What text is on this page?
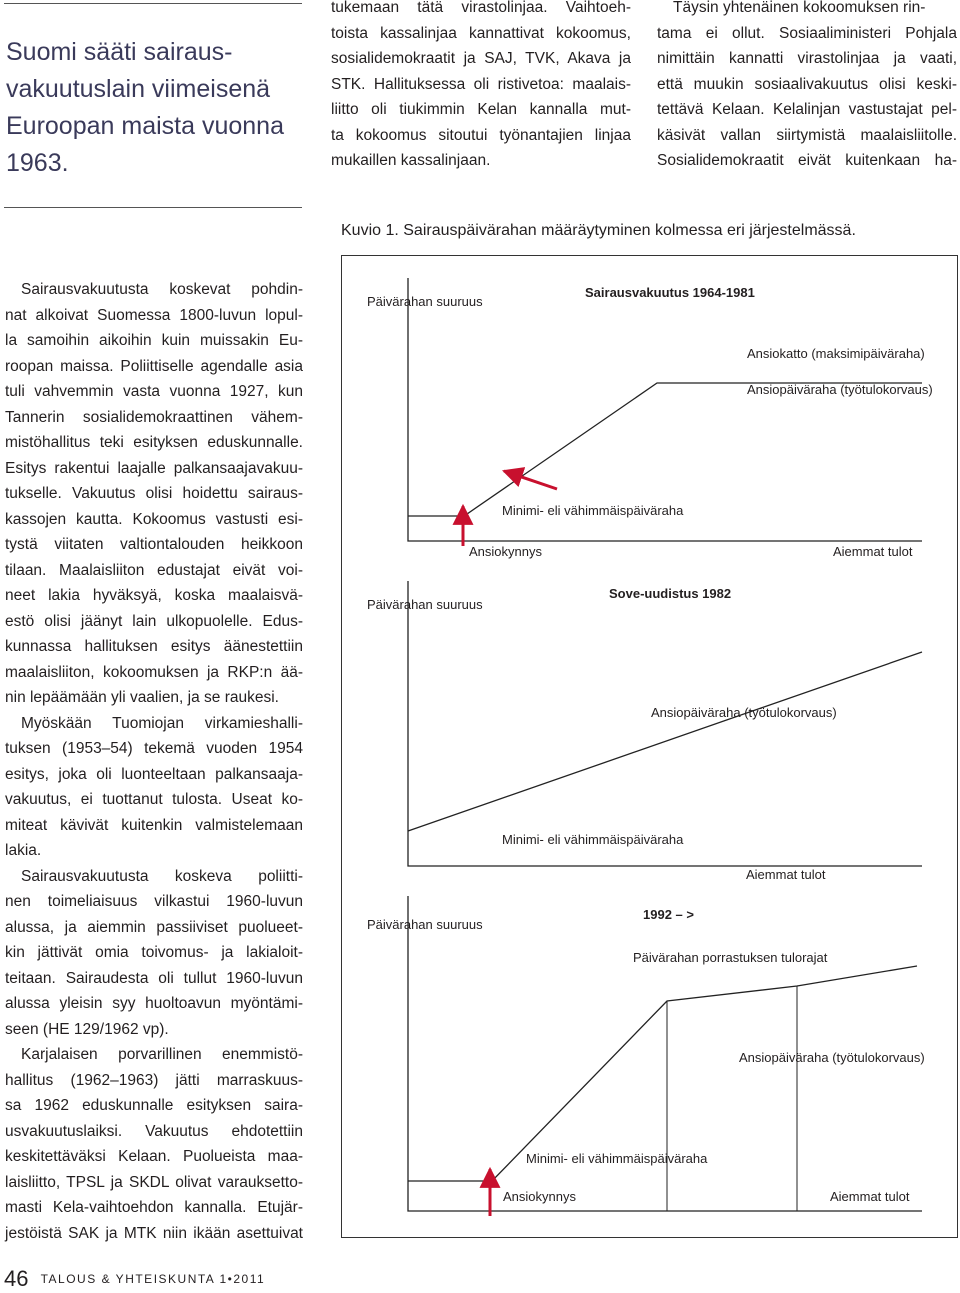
Suomi sääti sairaus-
vakuutuslain viimeisenä
Euroopan maista vuonna
1963.
tukemaan tätä virastolinjaa. Vaihtoeh-
toista kassalinjaa kannattivat kokoomus,
sosialidemokraatit ja SAJ, TVK, Akava ja
STK. Hallituksessa oli ristivetoa: maalais-
liitto oli tiukimmin Kelan kannalla mut-
ta kokoomus sitoutui työnantajien linjaa
mukaillen kassalinjaan.
Täysin yhtenäinen kokoomuksen rin-
tama ei ollut. Sosiaaliministeri Pohjala
nimittäin kannatti virastolinjaa ja vaati,
että muukin sosiaalivakuutus olisi keski-
tettävä Kelaan. Kelalinjan vastustajat pel-
käsivät vallan siirtymistä maalaisliitolle.
Sosialidemokraatit eivät kuitenkaan ha-
Sairausvakuutusta koskevat pohdin-
nat alkoivat Suomessa 1800-luvun lopul-
la samoihin aikoihin kuin muissakin Eu-
roopan maissa. Poliittiselle agendalle asia
tuli vahvemmin vasta vuonna 1927, kun
Tannerin sosialidemokraattinen vähem-
mistöhallitus teki esityksen eduskunnalle.
Esitys rakentui laajalle palkansaajavakuu-
tukselle. Vakuutus olisi hoidettu sairaus-
kassojen kautta. Kokoomus vastusti esi-
tystä viitaten valtiontalouden heikkoon
tilaan. Maalaisliiton edustajat eivät voi-
neet lakia hyväksyä, koska maalaisvä-
estö olisi jäänyt lain ulkopuolelle. Edus-
kunnassa hallituksen esitys äänestettiin
maalaisliiton, kokoomuksen ja RKP:n ää-
nin lepäämään yli vaalien, ja se raukesi.
Myöskään Tuomiojan virkamieshalli-
tuksen (1953–54) tekemä vuoden 1954
esitys, joka oli luonteeltaan palkansaaja-
vakuutus, ei tuottanut tulosta. Useat ko-
miteat kävivät kuitenkin valmistelemaan
lakia.
Sairausvakuutusta koskeva poliitti-
nen toimeliaisuus vilkastui 1960-luvun
alussa, ja aiemmin passiiviset puolueet-
kin jättivät omia toivomus- ja lakialoit-
teitaan. Sairaudesta oli tullut 1960-luvun
alussa yleisin syy huoltoavun myöntämi-
seen (HE 129/1962 vp).
Karjalaisen porvarillinen enemmistö-
hallitus (1962–1963) jätti marraskuus-
sa 1962 eduskunnalle esityksen saira-
usvakuutuslaiksi. Vakuutus ehdotettiin
keskitettäväksi Kelaan. Puolueista maa-
laisliitto, TPSL ja SKDL olivat varauksetto-
masti Kela-vaihtoehdon kannalla. Etujär-
jestöistä SAK ja MTK niin ikään asettuivat
Kuvio 1. Sairauspäivärahan määräytyminen kolmessa eri järjestelmässä.
Päivärahan suuruus
Sairausvakuutus 1964-1981
Ansiokatto (maksimipäiväraha)
Ansiopäiväraha (työtulokorvaus)
Minimi- eli vähimmäispäiväraha
Ansiokynnys	Aiemmat tulot
Päivärahan suuruus
Sove-uudistus 1982
Ansiopäiväraha (työtulokorvaus)
Minimi- eli vähimmäispäiväraha
Aiemmat tulot
Päivärahan suuruus
1992 – >
Päivärahan porrastuksen tulorajat
Ansiopäiväraha (työtulokorvaus)
Minimi- eli vähimmäispäiväraha
Ansiokynnys	Aiemmat tulot
46 TALOUS & YHTEISKUNTA 1•2011
